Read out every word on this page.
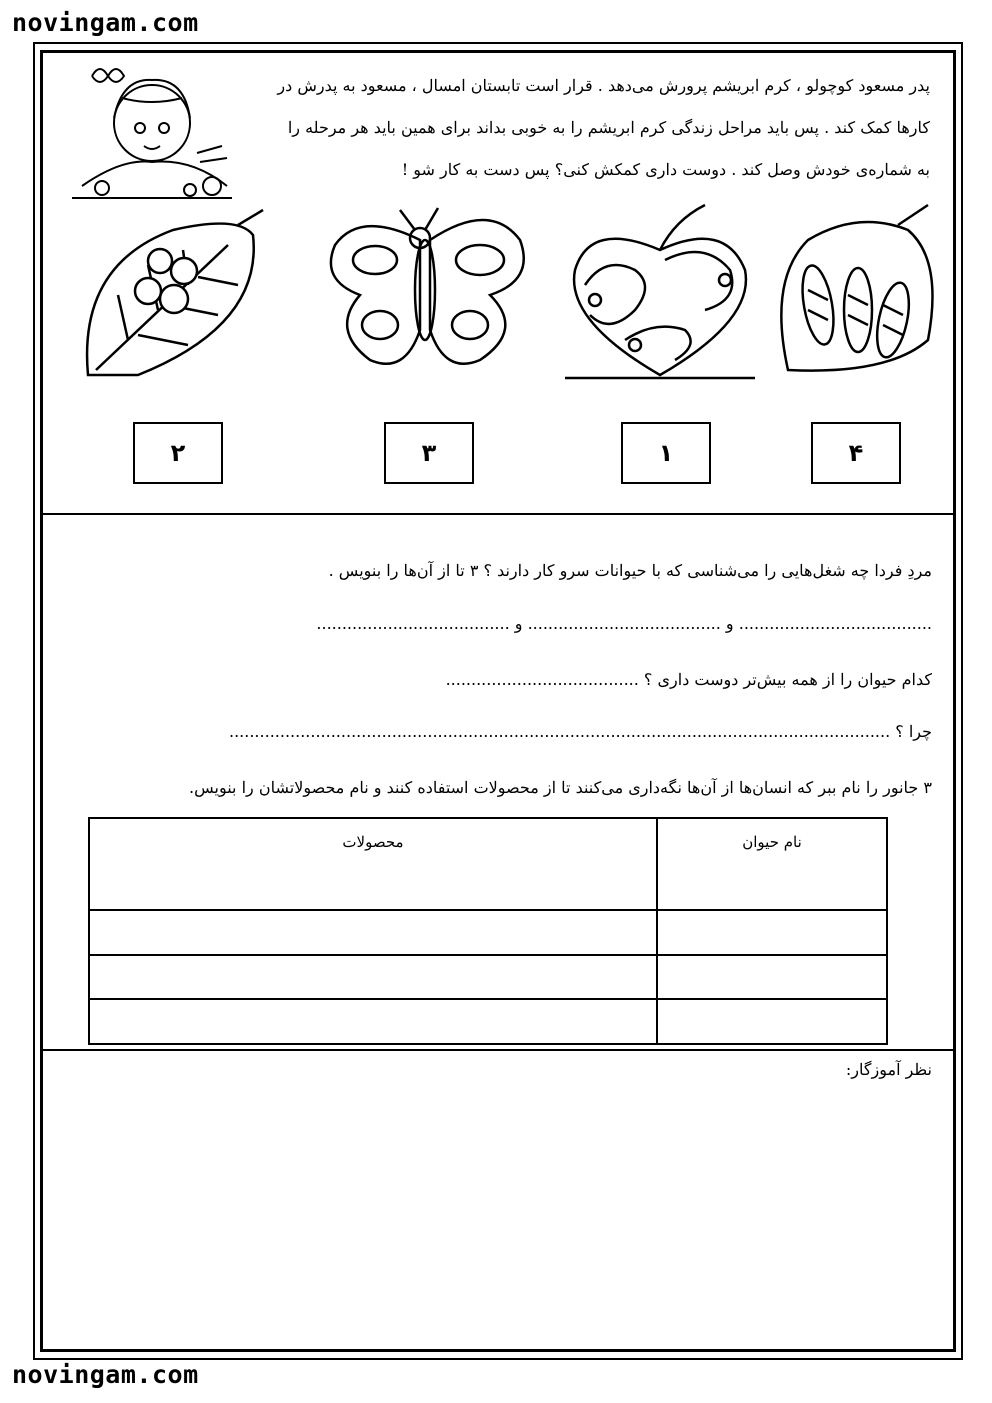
novingam.com
novingam.com
پدر مسعود کوچولو ، کرم ابریشم پرورش می‌دهد . قرار است تابستان امسال ، مسعود به پدرش در
کارها کمک کند . پس باید مراحل زندگی کرم ابریشم را به خوبی بداند برای همین باید هر مرحله را
به شماره‌ی خودش وصل کند . دوست داری کمکش کنی؟ پس دست به کار شو !
۲	۳	۱	۴
مردِ فردا چه شغل‌هایی را می‌شناسی که با حیوانات سرو کار دارند ؟ ۳ تا از آن‌ها را بنویس .
...................................... و ...................................... و ......................................
کدام حیوان را از همه بیش‌تر دوست داری ؟ ......................................
چرا ؟ ..................................................................................................................................
۳ جانور را نام ببر که انسان‌ها از آن‌ها نگه‌داری می‌کنند تا از محصولات استفاده کنند و نام محصولاتشان را بنویس.
نام حیوان	محصولات

نظر آموزگار:
